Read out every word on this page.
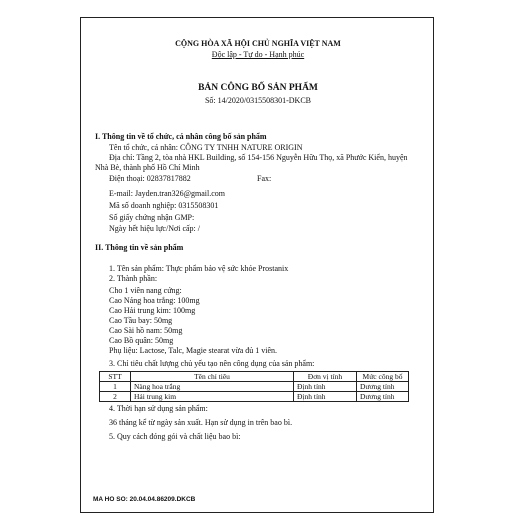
CỘNG HÒA XÃ HỘI CHỦ NGHĨA VIỆT NAM
Độc lập - Tự do - Hạnh phúc
BẢN CÔNG BỐ SẢN PHẨM
Số: 14/2020/0315508301-DKCB
I. Thông tin về tổ chức, cá nhân công bố sản phẩm
Tên tổ chức, cá nhân: CÔNG TY TNHH NATURE ORIGIN
Địa chỉ: Tầng 2, tòa nhà HKL Building, số 154-156 Nguyễn Hữu Thọ, xã Phước Kiển, huyện
Nhà Bè, thành phố Hồ Chí Minh
Điện thoại: 02837817882	Fax:
E-mail: Jayden.tran326@gmail.com
Mã số doanh nghiệp: 0315508301
Số giấy chứng nhận GMP:
Ngày hết hiệu lực/Nơi cấp: /
II. Thông tin về sản phẩm
1. Tên sản phẩm: Thực phẩm bảo vệ sức khỏe Prostanix
2. Thành phần:
Cho 1 viên nang cứng:
Cao Náng hoa trắng: 100mg
Cao Hải trung kim: 100mg
Cao Tầu bay: 50mg
Cao Sài hồ nam: 50mg
Cao Bồ quân: 50mg
Phụ liệu: Lactose, Talc, Magie stearat vừa đủ 1 viên.
3. Chỉ tiêu chất lượng chủ yếu tạo nên công dụng của sản phẩm:
STT	Tên chỉ tiêu	Đơn vị tính	Mức công bố
1	Nàng hoa trắng	Định tính	Dương tính
2	Hải trung kim	Định tính	Dương tính
4. Thời hạn sử dụng sản phẩm:
36 tháng kể từ ngày sản xuất. Hạn sử dụng in trên bao bì.
5. Quy cách đóng gói và chất liệu bao bì:
MA HO SO: 20.04.04.86209.DKCB
